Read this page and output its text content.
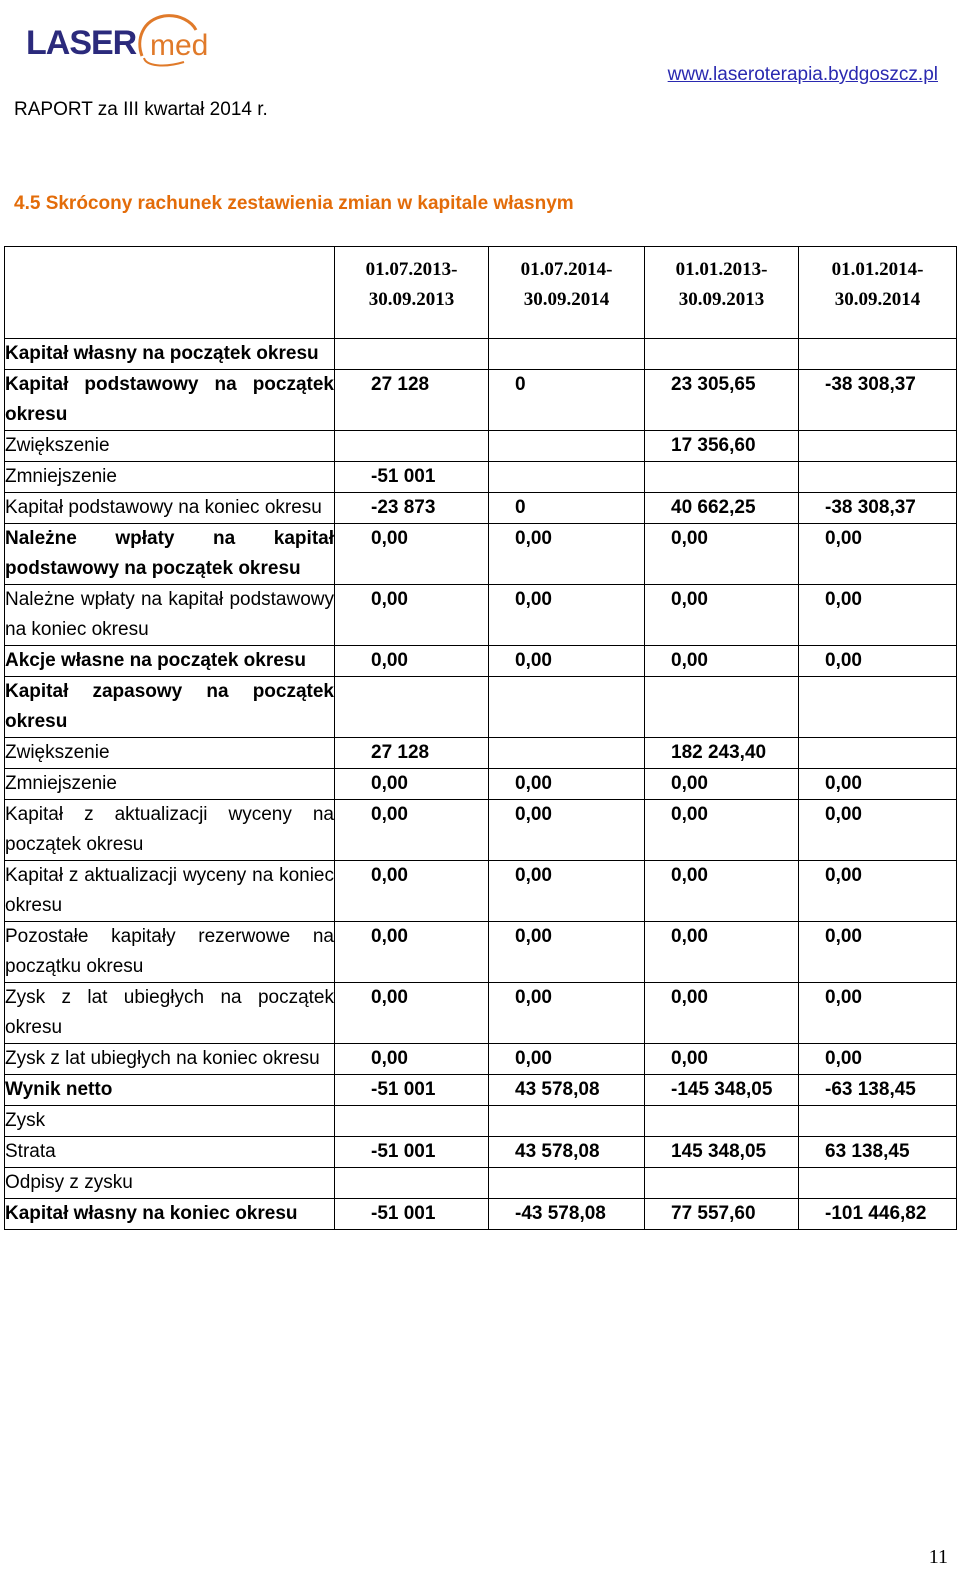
LASER med
www.laseroterapia.bydgoszcz.pl
RAPORT za III kwartał 2014 r.
4.5 Skrócony rachunek zestawienia zmian w kapitale własnym
	01.07.2013-30.09.2013	01.07.2014-30.09.2014	01.01.2013-30.09.2013	01.01.2014-30.09.2014
Kapitał własny na początek okresu	

Kapitał podstawowy na początek okresu	27 128	0	23 305,65	-38 308,37

Zwiększenie			17 356,60	

Zmniejszenie	-51 001			

Kapitał podstawowy na koniec okresu	-23 873	0	40 662,25	-38 308,37

Należne wpłaty na kapitał podstawowy na początek okresu	0,00	0,00	0,00	0,00

Należne wpłaty na kapitał podstawowy na koniec okresu	0,00	0,00	0,00	0,00

Akcje własne na początek okresu	0,00	0,00	0,00	0,00

Kapitał zapasowy na początek okresu	

Zwiększenie	27 128		182 243,40	

Zmniejszenie	0,00	0,00	0,00	0,00

Kapitał z aktualizacji wyceny na początek okresu	0,00	0,00	0,00	0,00

Kapitał z aktualizacji wyceny na koniec okresu	0,00	0,00	0,00	0,00

Pozostałe kapitały rezerwowe na początku okresu	0,00	0,00	0,00	0,00

Zysk z lat ubiegłych na początek okresu	0,00	0,00	0,00	0,00

Zysk z lat ubiegłych na koniec okresu	0,00	0,00	0,00	0,00

Wynik netto	-51 001	43 578,08	-145 348,05	-63 138,45

Zysk	

Strata	-51 001	43 578,08	145 348,05	63 138,45

Odpisy z zysku	

Kapitał własny na koniec okresu	-51 001	-43 578,08	77 557,60	-101 446,82
11
